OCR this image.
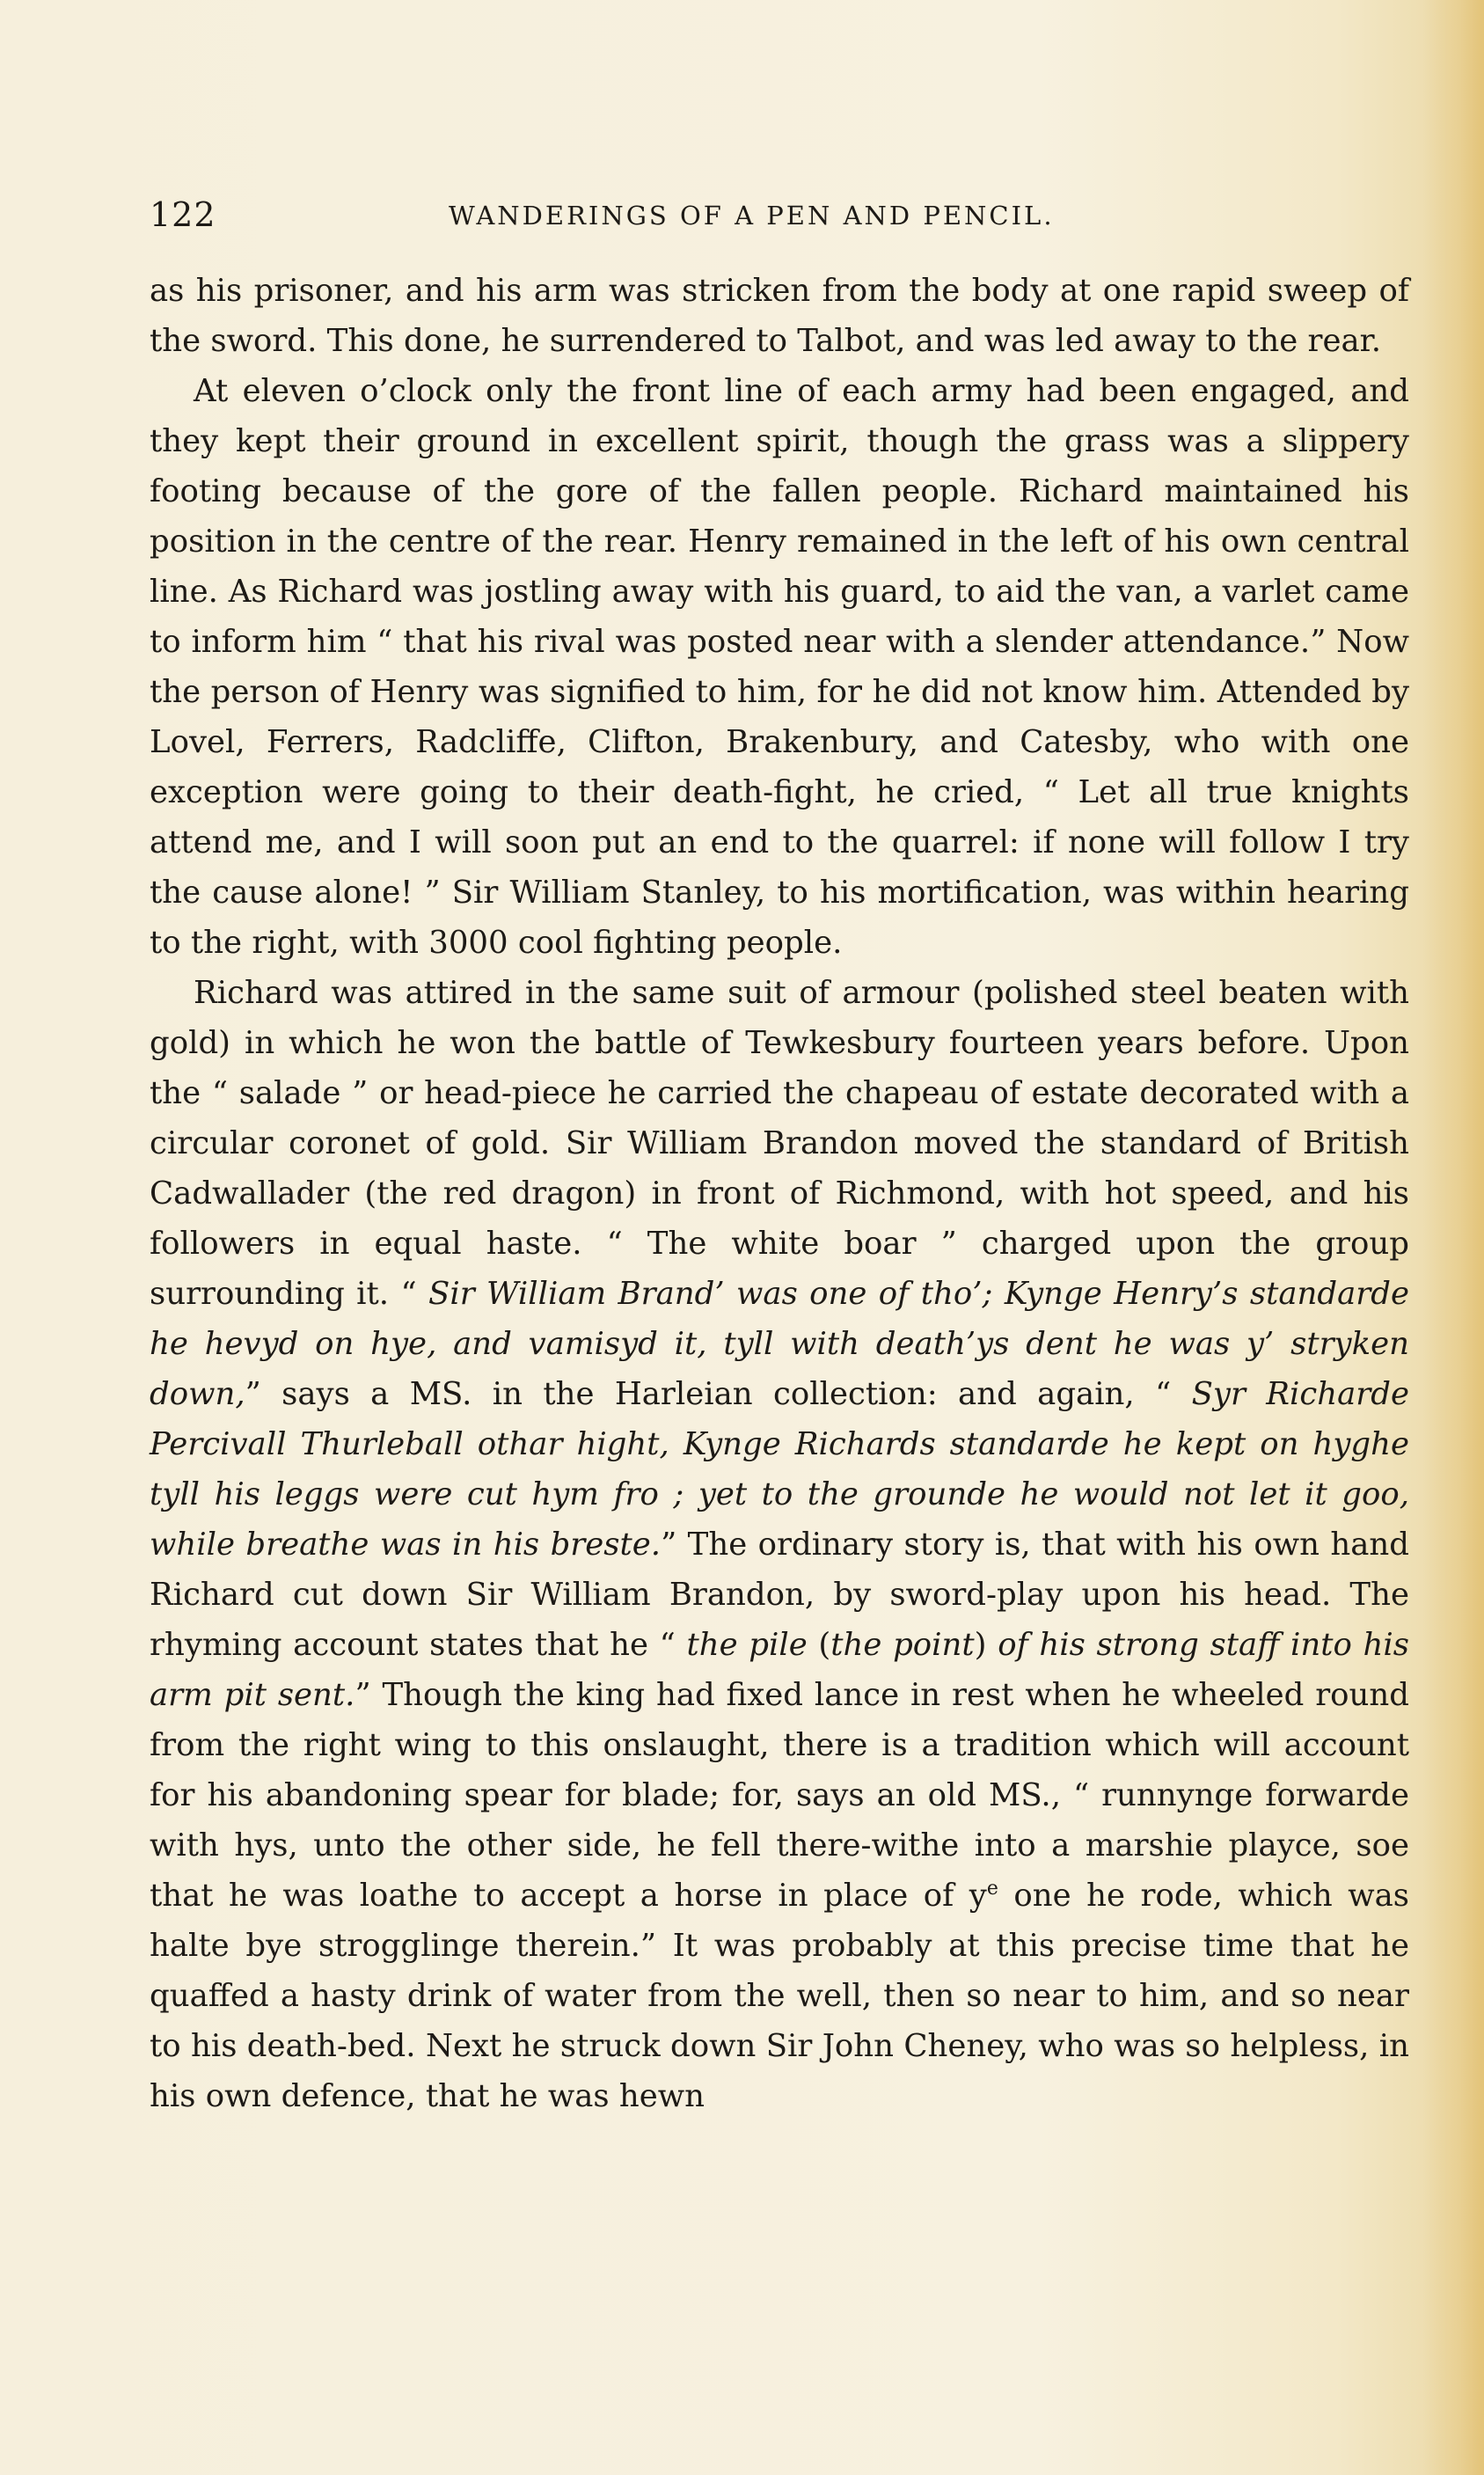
122	WANDERINGS OF A PEN AND PENCIL.

as his prisoner, and his arm was stricken from the body at one rapid sweep of the sword. This done, he surrendered to Talbot, and was led away to the rear.

At eleven o’clock only the front line of each army had been engaged, and they kept their ground in excellent spirit, though the grass was a slippery footing because of the gore of the fallen people. Richard maintained his position in the centre of the rear. Henry remained in the left of his own central line. As Richard was jostling away with his guard, to aid the van, a varlet came to inform him “ that his rival was posted near with a slender attendance.” Now the person of Henry was signified to him, for he did not know him. Attended by Lovel, Ferrers, Radcliffe, Clifton, Brakenbury, and Catesby, who with one exception were going to their death-fight, he cried, “ Let all true knights attend me, and I will soon put an end to the quarrel: if none will follow I try the cause alone! ” Sir William Stanley, to his mortification, was within hearing to the right, with 3000 cool fighting people.

Richard was attired in the same suit of armour (polished steel beaten with gold) in which he won the battle of Tewkesbury fourteen years before. Upon the “ salade ” or head-piece he carried the chapeau of estate decorated with a circular coronet of gold. Sir William Brandon moved the standard of British Cadwallader (the red dragon) in front of Richmond, with hot speed, and his followers in equal haste. “ The white boar ” charged upon the group surrounding it. “ Sir William Brand’ was one of tho’; Kynge Henry’s standarde he hevyd on hye, and vamisyd it, tyll with death’ys dent he was y’ stryken down,” says a MS. in the Harleian collection: and again, “ Syr Richarde Percivall Thurleball othar hight, Kynge Richards standarde he kept on hyghe tyll his leggs were cut hym fro ; yet to the grounde he would not let it goo, while breathe was in his breste.” The ordinary story is, that with his own hand Richard cut down Sir William Brandon, by sword-play upon his head. The rhyming account states that he “ the pile (the point) of his strong staff into his arm pit sent.” Though the king had fixed lance in rest when he wheeled round from the right wing to this onslaught, there is a tradition which will account for his abandoning spear for blade; for, says an old MS., “ runnynge forwarde with hys, unto the other side, he fell there-withe into a marshie playce, soe that he was loathe to accept a horse in place of $y^e$ one he rode, which was halte bye strogglinge therein.” It was probably at this precise time that he quaffed a hasty drink of water from the well, then so near to him, and so near to his death-bed. Next he struck down Sir John Cheney, who was so helpless, in his own defence, that he was hewn
